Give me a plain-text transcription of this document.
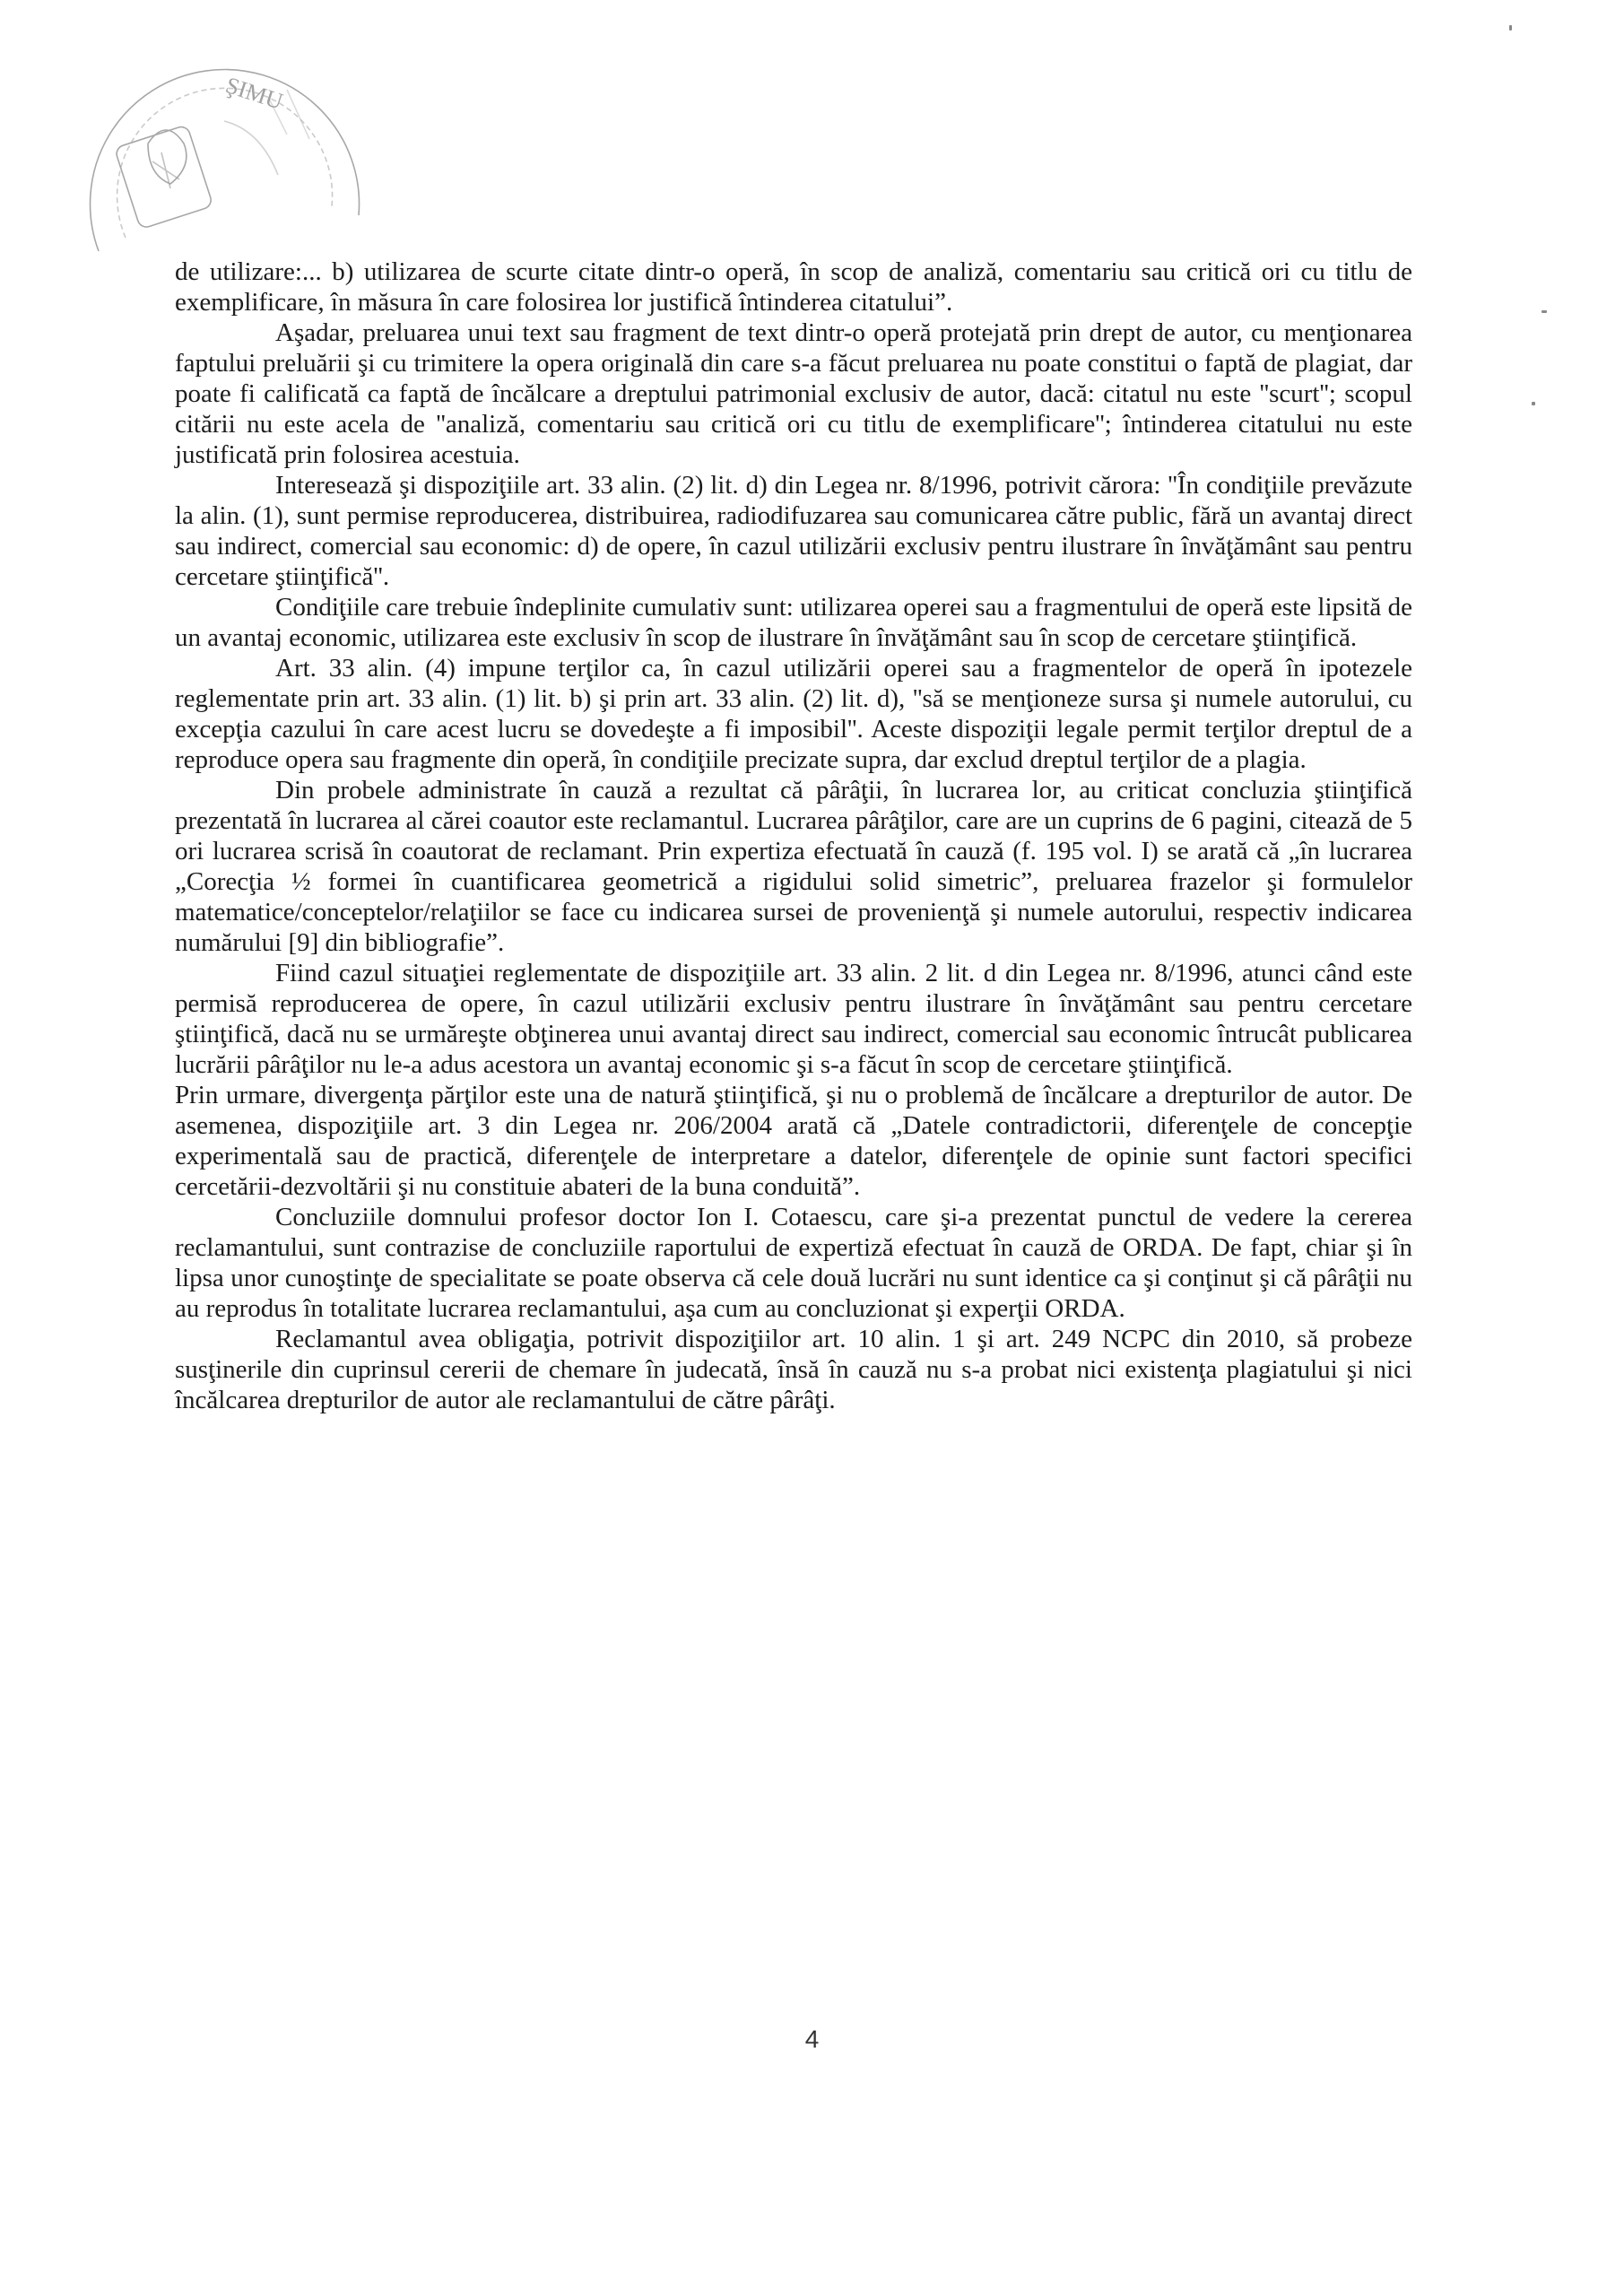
ŞIMU

de utilizare:... b) utilizarea de scurte citate dintr-o operă, în scop de analiză, comentariu sau critică ori cu titlu de exemplificare, în măsura în care folosirea lor justifică întinderea citatului”.

Aşadar, preluarea unui text sau fragment de text dintr-o operă protejată prin drept de autor, cu menţionarea faptului preluării şi cu trimitere la opera originală din care s-a făcut preluarea nu poate constitui o faptă de plagiat, dar poate fi calificată ca faptă de încălcare a dreptului patrimonial exclusiv de autor, dacă: citatul nu este ''scurt''; scopul citării nu este acela de ''analiză, comentariu sau critică ori cu titlu de exemplificare''; întinderea citatului nu este justificată prin folosirea acestuia.

Interesează şi dispoziţiile art. 33 alin. (2) lit. d) din Legea nr. 8/1996, potrivit cărora: ''În condiţiile prevăzute la alin. (1), sunt permise reproducerea, distribuirea, radiodifuzarea sau comunicarea către public, fără un avantaj direct sau indirect, comercial sau economic: d) de opere, în cazul utilizării exclusiv pentru ilustrare în învăţământ sau pentru cercetare ştiinţifică''.

Condiţiile care trebuie îndeplinite cumulativ sunt: utilizarea operei sau a fragmentului de operă este lipsită de un avantaj economic, utilizarea este exclusiv în scop de ilustrare în învăţământ sau în scop de cercetare ştiinţifică.

Art. 33 alin. (4) impune terţilor ca, în cazul utilizării operei sau a fragmentelor de operă în ipotezele reglementate prin art. 33 alin. (1) lit. b) şi prin art. 33 alin. (2) lit. d), ''să se menţioneze sursa şi numele autorului, cu excepţia cazului în care acest lucru se dovedeşte a fi imposibil''. Aceste dispoziţii legale permit terţilor dreptul de a reproduce opera sau fragmente din operă, în condiţiile precizate supra, dar exclud dreptul terţilor de a plagia.

Din probele administrate în cauză a rezultat că pârâţii, în lucrarea lor, au criticat concluzia ştiinţifică prezentată în lucrarea al cărei coautor este reclamantul. Lucrarea pârâţilor, care are un cuprins de 6 pagini, citează de 5 ori lucrarea scrisă în coautorat de reclamant. Prin expertiza efectuată în cauză (f. 195 vol. I) se arată că „în lucrarea „Corecţia ½ formei în cuantificarea geometrică a rigidului solid simetric”, preluarea frazelor şi formulelor matematice/conceptelor/relaţiilor se face cu indicarea sursei de provenienţă şi numele autorului, respectiv indicarea numărului [9] din bibliografie”.

Fiind cazul situaţiei reglementate de dispoziţiile art. 33 alin. 2 lit. d din Legea nr. 8/1996, atunci când este permisă reproducerea de opere, în cazul utilizării exclusiv pentru ilustrare în învăţământ sau pentru cercetare ştiinţifică, dacă nu se urmăreşte obţinerea unui avantaj direct sau indirect, comercial sau economic întrucât publicarea lucrării pârâţilor nu le-a adus acestora un avantaj economic şi s-a făcut în scop de cercetare ştiinţifică.

Prin urmare, divergenţa părţilor este una de natură ştiinţifică, şi nu o problemă de încălcare a drepturilor de autor. De asemenea, dispoziţiile art. 3 din Legea nr. 206/2004 arată că „Datele contradictorii, diferenţele de concepţie experimentală sau de practică, diferenţele de interpretare a datelor, diferenţele de opinie sunt factori specifici cercetării-dezvoltării şi nu constituie abateri de la buna conduită”.

Concluziile domnului profesor doctor Ion I. Cotaescu, care şi-a prezentat punctul de vedere la cererea reclamantului, sunt contrazise de concluziile raportului de expertiză efectuat în cauză de ORDA. De fapt, chiar şi în lipsa unor cunoştinţe de specialitate se poate observa că cele două lucrări nu sunt identice ca şi conţinut şi că pârâţii nu au reprodus în totalitate lucrarea reclamantului, aşa cum au concluzionat şi experţii ORDA.

Reclamantul avea obligaţia, potrivit dispoziţiilor art. 10 alin. 1 şi art. 249 NCPC din 2010, să probeze susţinerile din cuprinsul cererii de chemare în judecată, însă în cauză nu s-a probat nici existenţa plagiatului şi nici încălcarea drepturilor de autor ale reclamantului de către pârâţi.

4
